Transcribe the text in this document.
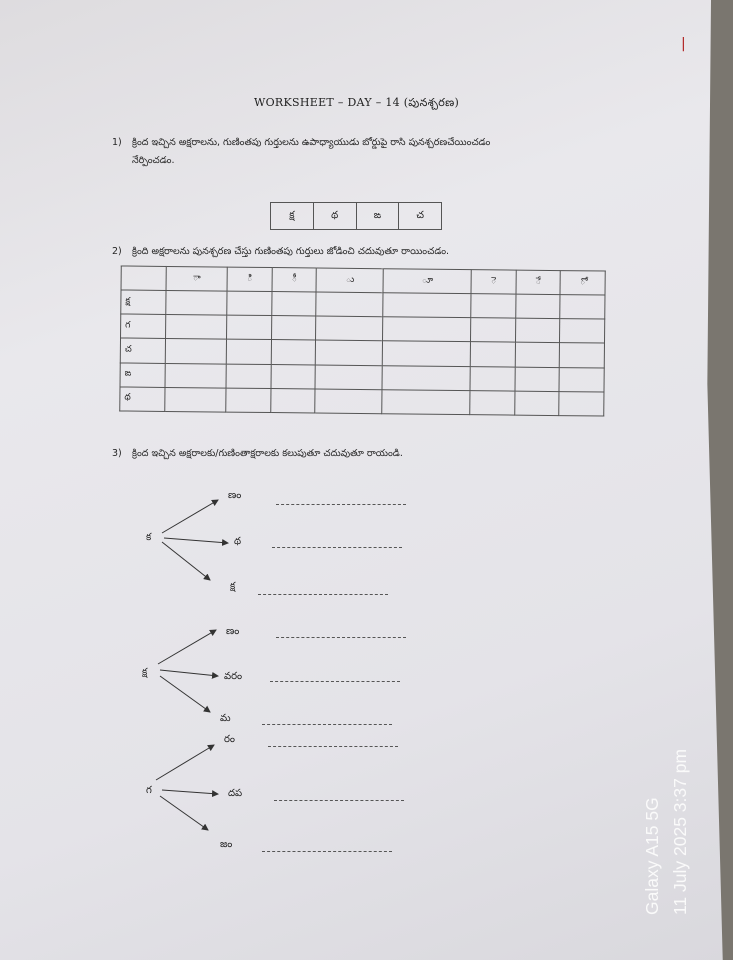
|
WORKSHEET – DAY – 14 (పునశ్చరణ)
1) క్రింద ఇచ్చిన అక్షరాలను, గుణింతపు గుర్తులను ఉపాధ్యాయుడు బోర్డుపై రాసి పునశ్చరణచేయించడం
నేర్పించడం.
క్ష	థ	ఙ	చ
2) క్రింది అక్షరాలను పునశ్చరణ చేస్తు గుణింతపు గుర్తులు జోడించి చదువుతూ రాయించడం.
	ా	ి	ీ	ు	ూ	ె	ే	ో
క్ష								
గ								
చ								
ఙ								
థ								
3) క్రింద ఇచ్చిన అక్షరాలకు/గుణింతాక్షరాలకు కలుపుతూ చదువుతూ రాయండి.
క
ణం
థ
క్ష
క్ష
ణం
వరం
మ
గ
రం
దప
జం	Galaxy A15 5G 11 July 2025 3:37 pm
